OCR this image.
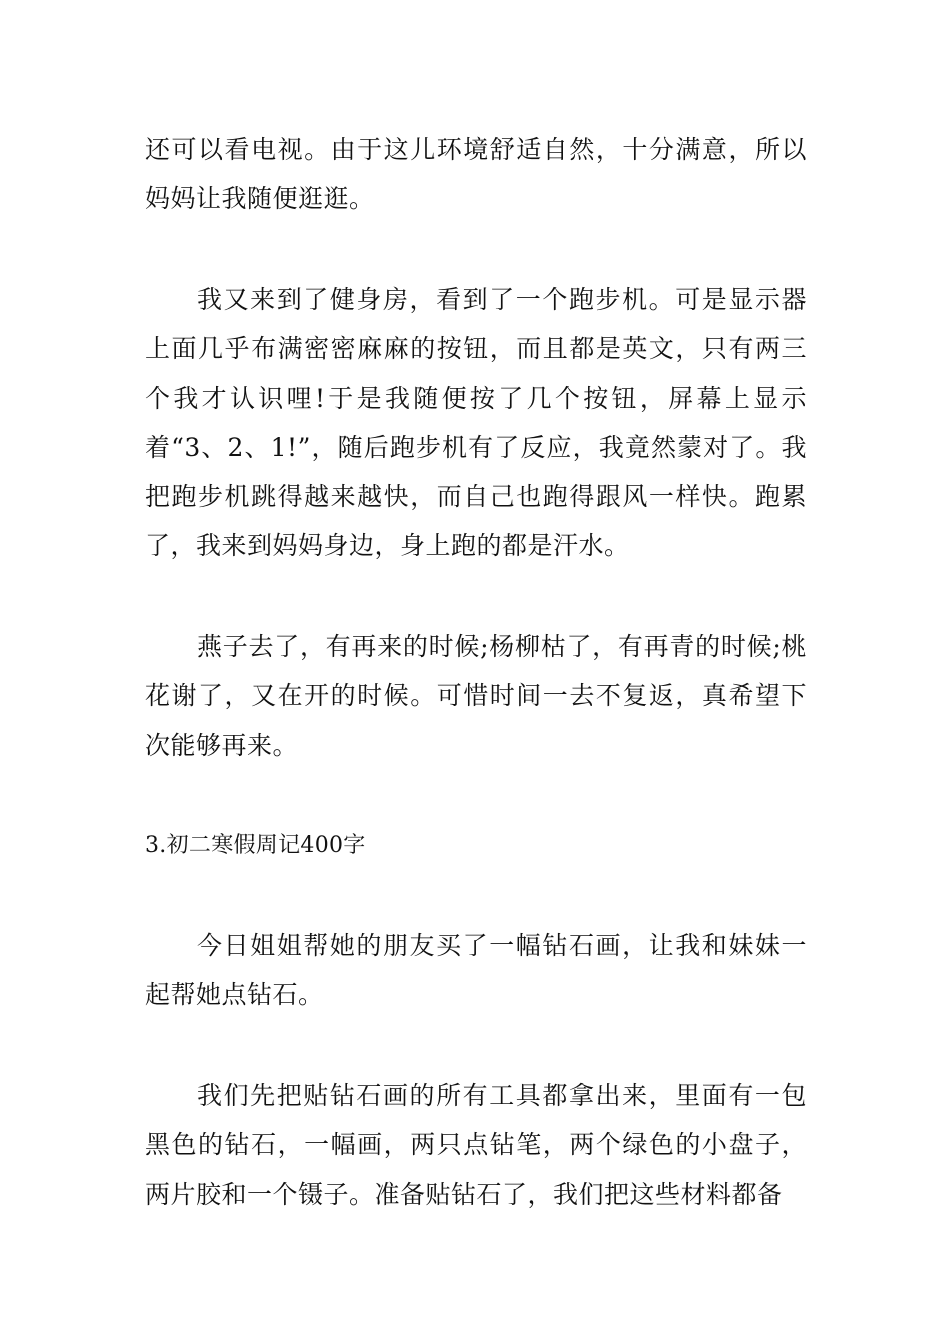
还可以看电视。由于这儿环境舒适自然，十分满意，所以妈妈让我随便逛逛。

我又来到了健身房，看到了一个跑步机。可是显示器上面几乎布满密密麻麻的按钮，而且都是英文，只有两三个我才认识哩!于是我随便按了几个按钮，屏幕上显示着“3、2、1!”，随后跑步机有了反应，我竟然蒙对了。我把跑步机跳得越来越快，而自己也跑得跟风一样快。跑累了，我来到妈妈身边，身上跑的都是汗水。

燕子去了，有再来的时候;杨柳枯了，有再青的时候;桃花谢了，又在开的时候。可惜时间一去不复返，真希望下次能够再来。

3.初二寒假周记400字

今日姐姐帮她的朋友买了一幅钻石画，让我和妹妹一起帮她点钻石。

我们先把贴钻石画的所有工具都拿出来，里面有一包黑色的钻石，一幅画，两只点钻笔，两个绿色的小盘子，两片胶和一个镊子。准备贴钻石了，我们把这些材料都备
